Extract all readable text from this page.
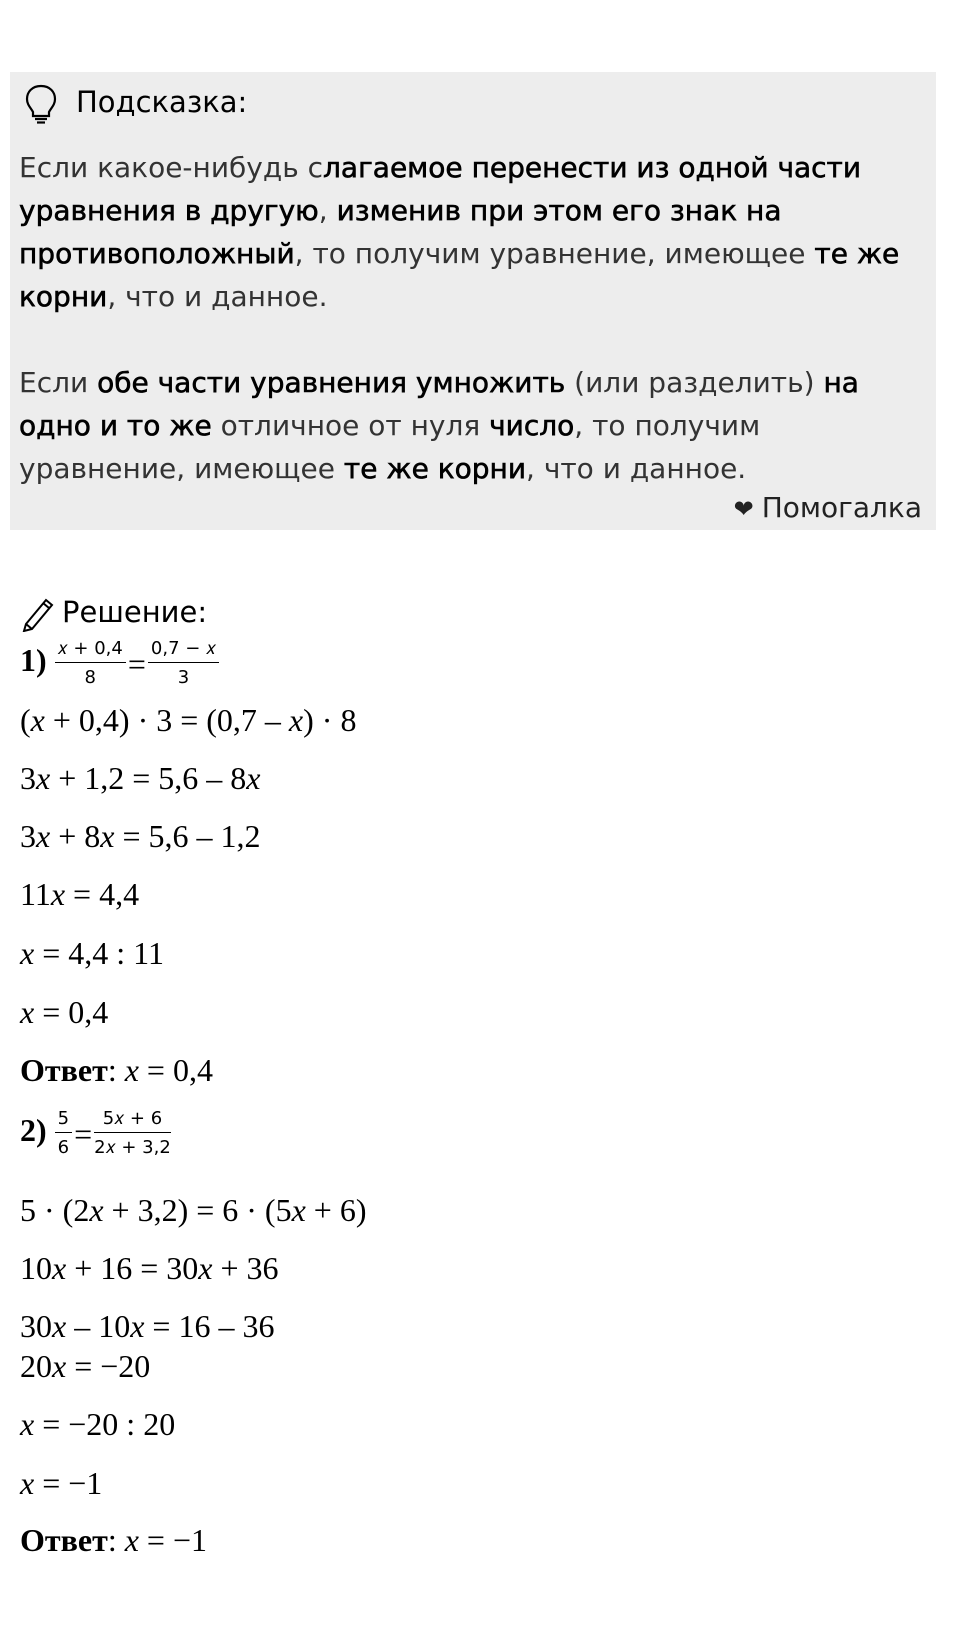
Подсказка:
Если какое-нибудь слагаемое перенести из одной части уравнения в другую, изменив при этом его знак на противоположный, то получим уравнение, имеющее те же корни, что и данное.
Если обе части уравнения умножить (или разделить) на одно и то же отличное от нуля число, то получим уравнение, имеющее те же корни, что и данное.
❤ Помогалка
Решение:
$1) \frac{\text{𝑥 + 0,4}}{8} = \frac{\text{0,7 − 𝑥}}{3}$
(x + 0,4) · 3 = (0,7 – x) · 8
3x + 1,2 = 5,6 – 8x
3x + 8x = 5,6 – 1,2
11x = 4,4
x = 4,4 : 11
x = 0,4
Ответ: x = 0,4
$2) \frac{5}{6} = \frac{\text{5𝑥 + 6}}{\text{2𝑥 + 3,2}}$
5 · (2x + 3,2) = 6 · (5x + 6)
10x + 16 = 30x + 36
30x – 10x = 16 – 36
20x = −20
x = −20 : 20
x = −1
Ответ: x = −1
